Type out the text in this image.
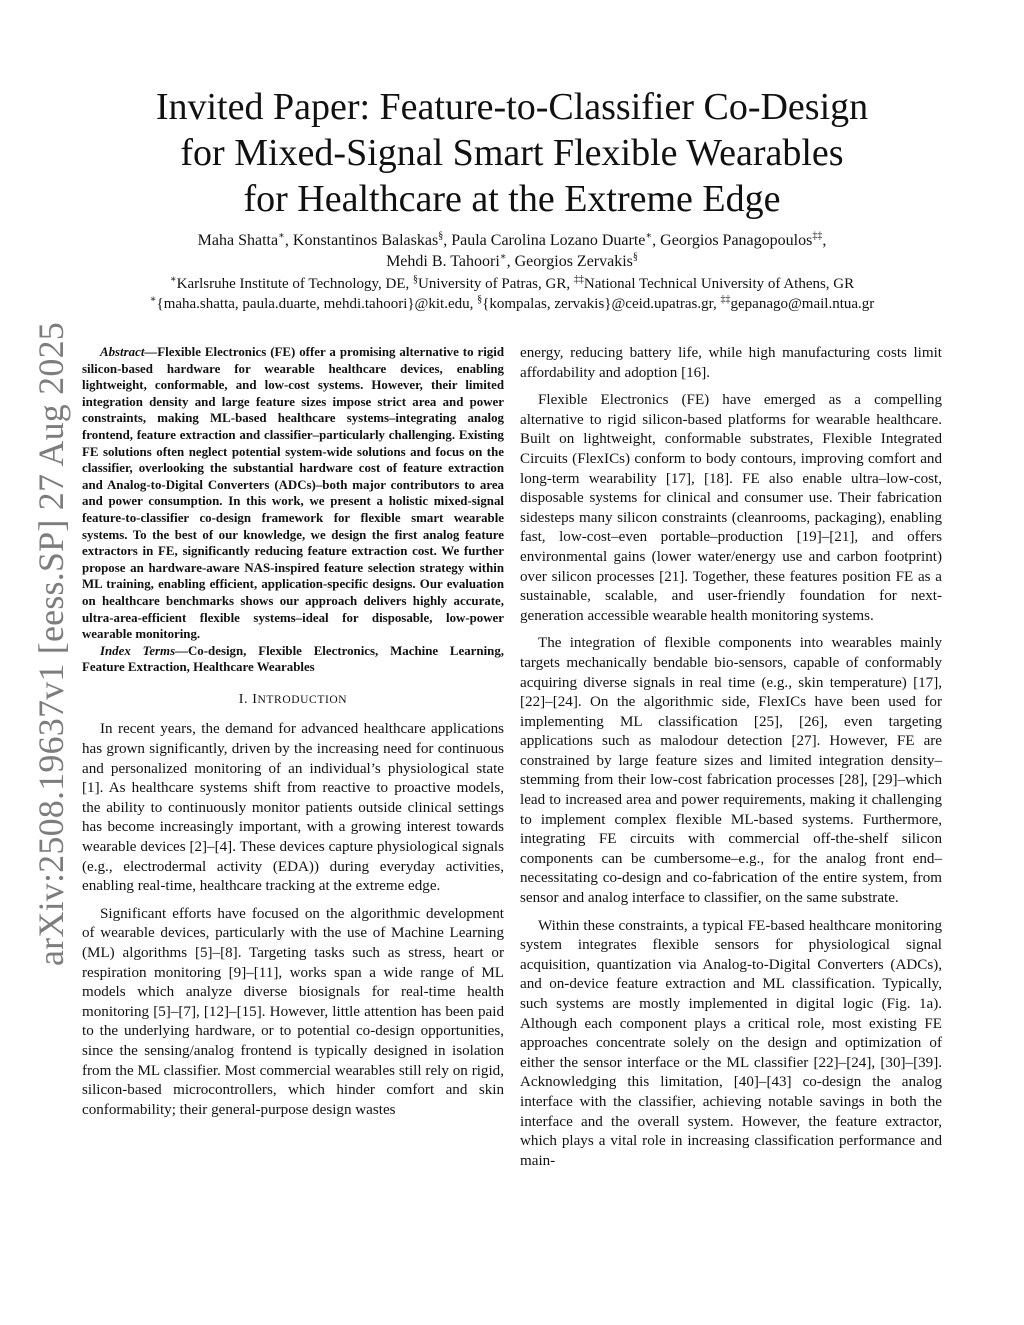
arXiv:2508.19637v1 [eess.SP] 27 Aug 2025
Invited Paper: Feature-to-Classifier Co-Design
for Mixed-Signal Smart Flexible Wearables
for Healthcare at the Extreme Edge
Maha Shatta∗, Konstantinos Balaskas§, Paula Carolina Lozano Duarte∗, Georgios Panagopoulos‡‡,
Mehdi B. Tahoori∗, Georgios Zervakis§
∗Karlsruhe Institute of Technology, DE, §University of Patras, GR, ‡‡National Technical University of Athens, GR
∗{maha.shatta, paula.duarte, mehdi.tahoori}@kit.edu, §{kompalas, zervakis}@ceid.upatras.gr, ‡‡gepanago@mail.ntua.gr

Abstract—Flexible Electronics (FE) offer a promising alternative to rigid silicon-based hardware for wearable healthcare devices, enabling lightweight, conformable, and low-cost systems. However, their limited integration density and large feature sizes impose strict area and power constraints, making ML-based healthcare systems–integrating analog frontend, feature extraction and classifier–particularly challenging. Existing FE solutions often neglect potential system-wide solutions and focus on the classifier, overlooking the substantial hardware cost of feature extraction and Analog-to-Digital Converters (ADCs)–both major contributors to area and power consumption. In this work, we present a holistic mixed-signal feature-to-classifier co-design framework for flexible smart wearable systems. To the best of our knowledge, we design the first analog feature extractors in FE, significantly reducing feature extraction cost. We further propose an hardware-aware NAS-inspired feature selection strategy within ML training, enabling efficient, application-specific designs. Our evaluation on healthcare benchmarks shows our approach delivers highly accurate, ultra-area-efficient flexible systems–ideal for disposable, low-power wearable monitoring.

Index Terms—Co-design, Flexible Electronics, Machine Learning, Feature Extraction, Healthcare Wearables

I. INTRODUCTION

In recent years, the demand for advanced healthcare applications has grown significantly, driven by the increasing need for continuous and personalized monitoring of an individual’s physiological state [1]. As healthcare systems shift from reactive to proactive models, the ability to continuously monitor patients outside clinical settings has become increasingly important, with a growing interest towards wearable devices [2]–[4]. These devices capture physiological signals (e.g., electrodermal activity (EDA)) during everyday activities, enabling real-time, healthcare tracking at the extreme edge.

Significant efforts have focused on the algorithmic development of wearable devices, particularly with the use of Machine Learning (ML) algorithms [5]–[8]. Targeting tasks such as stress, heart or respiration monitoring [9]–[11], works span a wide range of ML models which analyze diverse biosignals for real-time health monitoring [5]–[7], [12]–[15]. However, little attention has been paid to the underlying hardware, or to potential co-design opportunities, since the sensing/analog frontend is typically designed in isolation from the ML classifier. Most commercial wearables still rely on rigid, silicon-based microcontrollers, which hinder comfort and skin conformability; their general-purpose design wastes

energy, reducing battery life, while high manufacturing costs limit affordability and adoption [16].

Flexible Electronics (FE) have emerged as a compelling alternative to rigid silicon-based platforms for wearable healthcare. Built on lightweight, conformable substrates, Flexible Integrated Circuits (FlexICs) conform to body contours, improving comfort and long-term wearability [17], [18]. FE also enable ultra–low-cost, disposable systems for clinical and consumer use. Their fabrication sidesteps many silicon constraints (cleanrooms, packaging), enabling fast, low-cost–even portable–production [19]–[21], and offers environmental gains (lower water/energy use and carbon footprint) over silicon processes [21]. Together, these features position FE as a sustainable, scalable, and user-friendly foundation for next-generation accessible wearable health monitoring systems.

The integration of flexible components into wearables mainly targets mechanically bendable bio-sensors, capable of conformably acquiring diverse signals in real time (e.g., skin temperature) [17], [22]–[24]. On the algorithmic side, FlexICs have been used for implementing ML classification [25], [26], even targeting applications such as malodour detection [27]. However, FE are constrained by large feature sizes and limited integration density–stemming from their low-cost fabrication processes [28], [29]–which lead to increased area and power requirements, making it challenging to implement complex flexible ML-based systems. Furthermore, integrating FE circuits with commercial off-the-shelf silicon components can be cumbersome–e.g., for the analog front end–necessitating co-design and co-fabrication of the entire system, from sensor and analog interface to classifier, on the same substrate.

Within these constraints, a typical FE-based healthcare monitoring system integrates flexible sensors for physiological signal acquisition, quantization via Analog-to-Digital Converters (ADCs), and on-device feature extraction and ML classification. Typically, such systems are mostly implemented in digital logic (Fig. 1a). Although each component plays a critical role, most existing FE approaches concentrate solely on the design and optimization of either the sensor interface or the ML classifier [22]–[24], [30]–[39]. Acknowledging this limitation, [40]–[43] co-design the analog interface with the classifier, achieving notable savings in both the interface and the overall system. However, the feature extractor, which plays a vital role in increasing classification performance and main-
